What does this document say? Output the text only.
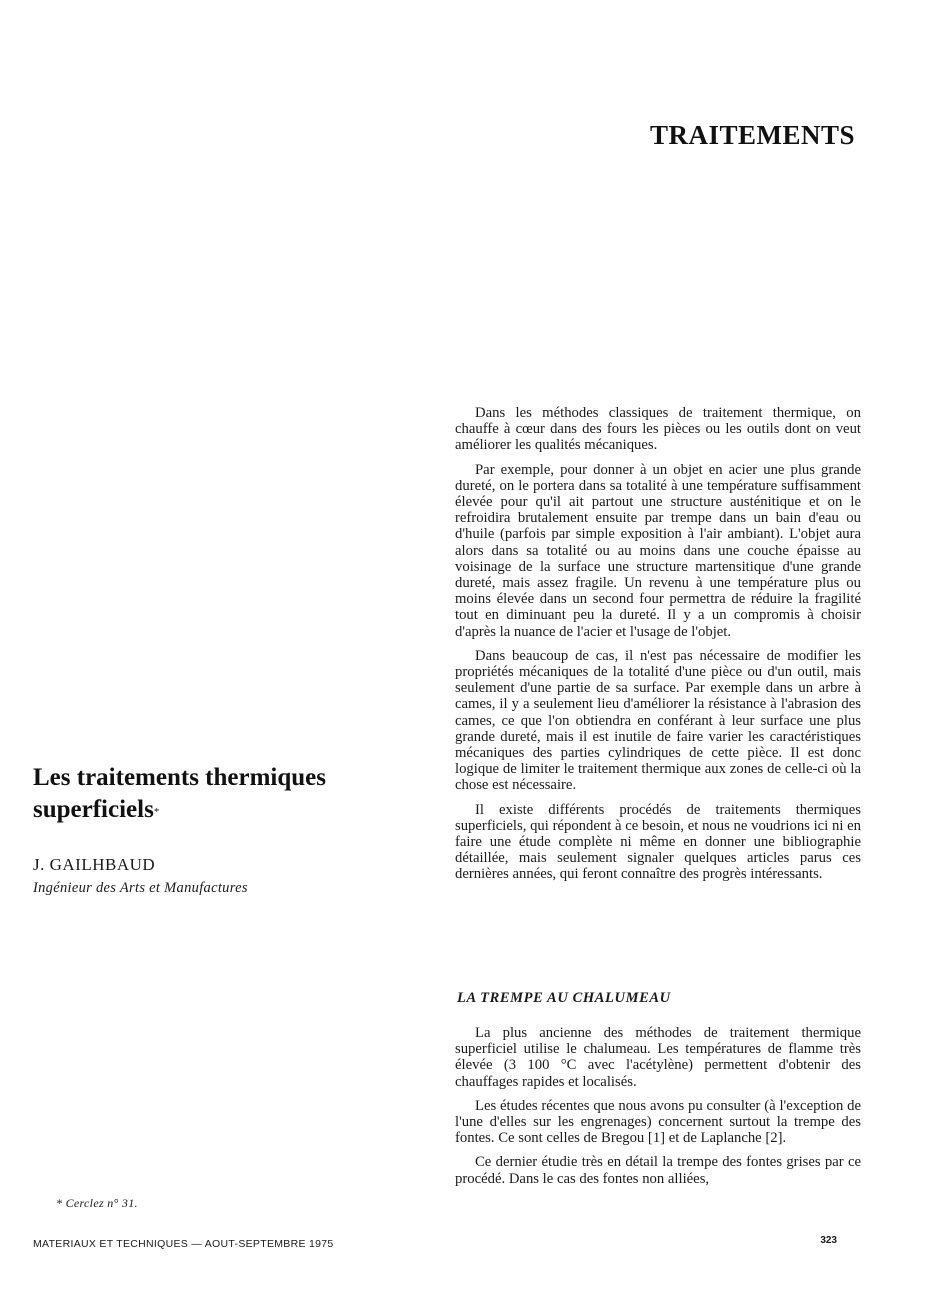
TRAITEMENTS
Les traitements thermiques superficiels*

J. GAILHBAUD

Ingénieur des Arts et Manufactures

Dans les méthodes classiques de traitement thermique, on chauffe à cœur dans des fours les pièces ou les outils dont on veut améliorer les qualités mécaniques.

Par exemple, pour donner à un objet en acier une plus grande dureté, on le portera dans sa totalité à une température suffisamment élevée pour qu'il ait partout une structure austénitique et on le refroidira brutalement ensuite par trempe dans un bain d'eau ou d'huile (parfois par simple exposition à l'air ambiant). L'objet aura alors dans sa totalité ou au moins dans une couche épaisse au voisinage de la surface une structure martensitique d'une grande dureté, mais assez fragile. Un revenu à une température plus ou moins élevée dans un second four permettra de réduire la fragilité tout en diminuant peu la dureté. Il y a un compromis à choisir d'après la nuance de l'acier et l'usage de l'objet.

Dans beaucoup de cas, il n'est pas nécessaire de modifier les propriétés mécaniques de la totalité d'une pièce ou d'un outil, mais seulement d'une partie de sa surface. Par exemple dans un arbre à cames, il y a seulement lieu d'améliorer la résistance à l'abrasion des cames, ce que l'on obtiendra en conférant à leur surface une plus grande dureté, mais il est inutile de faire varier les caractéristiques mécaniques des parties cylindriques de cette pièce. Il est donc logique de limiter le traitement thermique aux zones de celle-ci où la chose est nécessaire.

Il existe différents procédés de traitements thermiques superficiels, qui répondent à ce besoin, et nous ne voudrions ici ni en faire une étude complète ni même en donner une bibliographie détaillée, mais seulement signaler quelques articles parus ces dernières années, qui feront connaître des progrès intéressants.

LA TREMPE AU CHALUMEAU

La plus ancienne des méthodes de traitement thermique superficiel utilise le chalumeau. Les températures de flamme très élevée (3 100 °C avec l'acétylène) permettent d'obtenir des chauffages rapides et localisés.

Les études récentes que nous avons pu consulter (à l'exception de l'une d'elles sur les engrenages) concernent surtout la trempe des fontes. Ce sont celles de Bregou [1] et de Laplanche [2].

Ce dernier étudie très en détail la trempe des fontes grises par ce procédé. Dans le cas des fontes non alliées,

* Cerclez n° 31.

MATERIAUX ET TECHNIQUES — AOUT-SEPTEMBRE 1975	323
